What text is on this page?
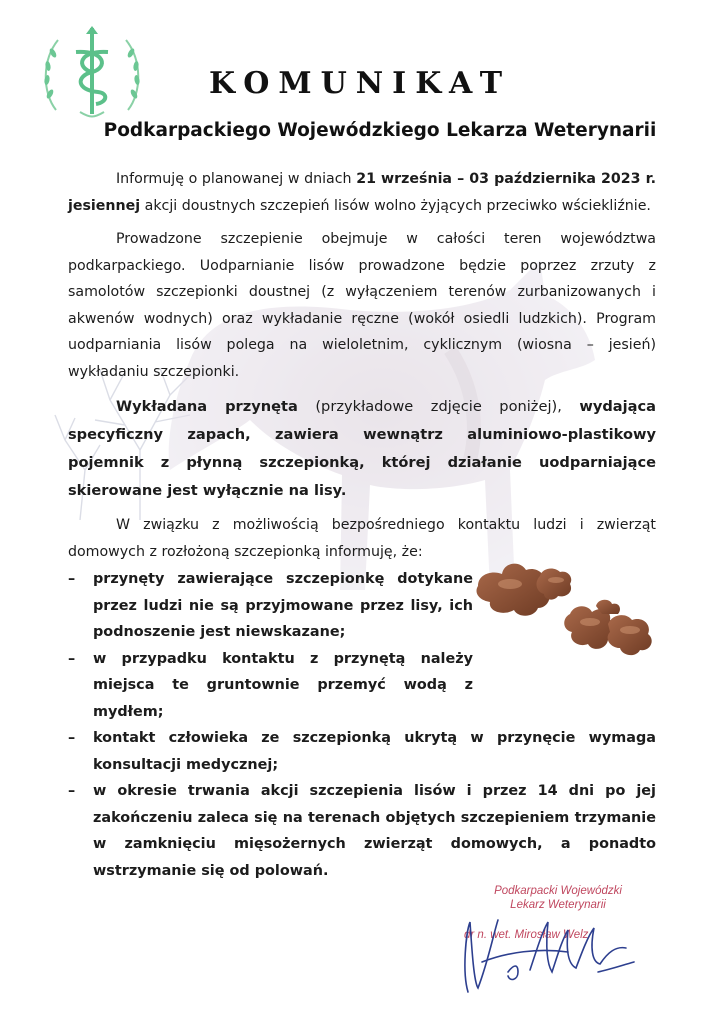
KOMUNIKAT
Podkarpackiego Wojewódzkiego Lekarza Weterynarii
Informuję o planowanej w dniach 21 września – 03 października 2023 r. jesiennej akcji doustnych szczepień lisów wolno żyjących przeciwko wściekliźnie.
Prowadzone szczepienie obejmuje w całości teren województwa podkarpackiego. Uodparnianie lisów prowadzone będzie poprzez zrzuty z samolotów szczepionki doustnej (z wyłączeniem terenów zurbanizowanych i akwenów wodnych) oraz wykładanie ręczne (wokół osiedli ludzkich). Program uodparniania lisów polega na wieloletnim, cyklicznym (wiosna – jesień) wykładaniu szczepionki.
Wykładana przynęta (przykładowe zdjęcie poniżej), wydająca specyficzny zapach, zawiera wewnątrz aluminiowo-plastikowy pojemnik z płynną szczepionką, której działanie uodparniające skierowane jest wyłącznie na lisy.
W związku z możliwością bezpośredniego kontaktu ludzi i zwierząt domowych z rozłożoną szczepionką informuję, że:
– przynęty zawierające szczepionkę dotykane przez ludzi nie są przyjmowane przez lisy, ich podnoszenie jest niewskazane;
– w przypadku kontaktu z przynętą należy miejsca te gruntownie przemyć wodą z mydłem;
– kontakt człowieka ze szczepionką ukrytą w przynęcie wymaga konsultacji medycznej;
– w okresie trwania akcji szczepienia lisów i przez 14 dni po jej zakończeniu zaleca się na terenach objętych szczepieniem trzymanie w zamknięciu mięsożernych zwierząt domowych, a ponadto wstrzymanie się od polowań.
Podkarpacki Wojewódzki
Lekarz Weterynarii
dr n. wet. Mirosław Welz
